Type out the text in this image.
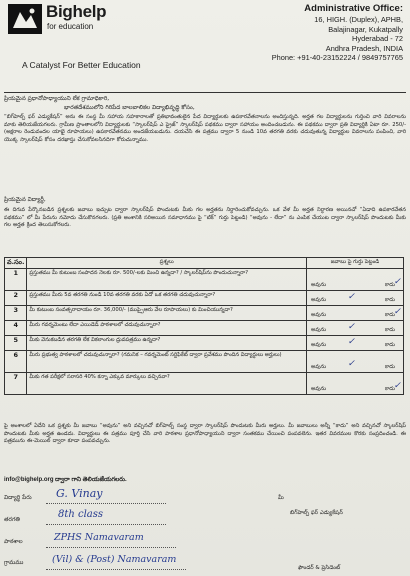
Bighelp
for education
A Catalyst For Better Education
Administrative Office:
16, HIGH. (Duplex), APHB,
Balajinagar, Kukatpally
Hyderabad - 72
Andhra Pradesh, INDIA
Phone: +91-40-23152224 / 9849757765
ప్రియమైన ప్రధానోపాధ్యాయుని లేక గ్రామాధికారి,
భారతదేశములోని గిరిపేద బాలబాలికల విద్యాభివృద్ధి కోసం,
“బిగ్‌హెల్ప్ ఫర్ ఎడ్యుకేషన్” అను ఈ సంస్థ మీ సహాయ సహకారాలతో ప్రతిభావంతులైన పేద విద్యార్థులకు ఉపకారవేతనాలను అందిస్తున్నది. అర్హత గల విద్యార్థులను గుర్తించి వారి వివరాలను మాకు తెలియజేయగలరు. గ్రామీణ ప్రాంతాలలోని విద్యార్థులకు “స్కాలర్‌షిప్ ఎ ప్రైజ్” స్కాలర్‌షిప్ పథకము ద్వారా సహాయం అందించబడును. ఈ పథకము ద్వారా ప్రతి విద్యార్థికి ఏటా రూ. 250/- (అక్షరాల రెండువందల యాభై రూపాయలు) ఉపకారవేతనము అందజేయబడును. దయచేసి ఈ పత్రము ద్వారా 5 నుండి 10వ తరగతి వరకు చదువుతున్న విద్యార్థుల వివరాలను పంపించి, వారి యొక్క స్కాలర్‌షిప్ కోసం దరఖాస్తు చేసుకోవలసినదిగా కోరుచున్నాము.
ప్రియమైన విద్యార్థీ,
ఈ దిగువ పేర్కొనబడిన ప్రశ్నలకు జవాబు ఇచ్చుట ద్వారా స్కాలర్‌షిప్ పొందుటకు మీకు గల అర్హతను నిర్ధారించుకోవచ్చును. ఒక వేళ మీ అర్హత నిర్ధారణ అయినచో “ఏడాది ఉపకారవేతన పథకము” లో మీ పేరును నమోదు చేసుకొనగలరు. (ప్రతి అంశానికి సరిఅయిన సమాధానము పై “టిక్” గుర్తు పెట్టండి) “అవును - లేదా” ను ఎంపిక చేయుట ద్వారా స్కాలర్‌షిప్ పొందుటకు మీకు గల అర్హత క్రింద తెలుసుకోగలరు.
వ.సం.	ప్రశ్నలు	జవాబు పై గుర్తు పెట్టండి
1	ప్రస్తుతము మీ కుటుంబ సంపాదన నెలకు రూ. 500/-లకు మించి ఉన్నదా? / స్కాలర్‌షిప్‌ను పొందుచున్నారా?	అవును కాదు
✓

2	ప్రస్తుతము మీరు 5వ తరగతి నుండి 10వ తరగతి వరకు ఏదో ఒక తరగతి చదువుచున్నారా?	అవును కాదు
✓

3	మీ కుటుంబ సంవత్సరాదాయం రూ. 36,000/- (ముప్పైఆరు వేల రూపాయలు) కు మించియున్నదా?	అవును కాదు
✓

4	మీరు గవర్నమెంటు లేదా ఎయిడెడ్ పాఠశాలలో చదువుచున్నారా?	అవును కాదు
✓

5	మీకు వెనుకబడిన తరగతి లేక వికలాంగుల ధ్రువపత్రము ఉన్నదా?	అవును కాదు
✓

6	మీరు ప్రభుత్వ పాఠశాలలో చదువుచున్నారా? (గమనిక – గవర్నమెంట్ సర్టిఫికేట్ ద్వారా ప్రవేశము పొందిన విద్యార్థులు అర్హులు)	అవును కాదు
✓

7	మీకు గత పరీక్షలో సరాసరి 40% కన్నా ఎక్కువ మార్కులు వచ్చినవా?	అవును కాదు
✓
పై అంశాలలో ఏదేని ఒక ప్రశ్నకు మీ జవాబు “అవును” అని వచ్చినచో బిగ్‌హెల్ప్ సంస్థ ద్వారా స్కాలర్‌షిప్ పొందుటకు మీరు అర్హులు. మీ జవాబులు అన్నీ “కాదు” అని వచ్చినచో స్కాలర్‌షిప్ పొందుటకు మీకు అర్హత ఉండదు. విద్యార్థులు ఈ పత్రము పూర్తి చేసి వారి పాఠశాల ప్రధానోపాధ్యాయుని ద్వారా సంతకము చేయించి పంపవలెను. ఇతర వివరముల కొరకు సంప్రదించండి. ఈ పత్రమును ఈ-మెయిల్ ద్వారా కూడా పంపవచ్చును.
info@bighelp.org ద్వారా గాని తెలియజేయగలరు.
విద్యార్థి పేరు G. Vinay
తరగతి	8th class
పాఠశాల	ZPHS Namavaram
గ్రామము	(Vil) & (Post) Namavaram
మీ
బిగ్‌హెల్ప్ ఫర్ ఎడ్యుకేషన్
ఫౌండర్ & ప్రెసిడెంట్
